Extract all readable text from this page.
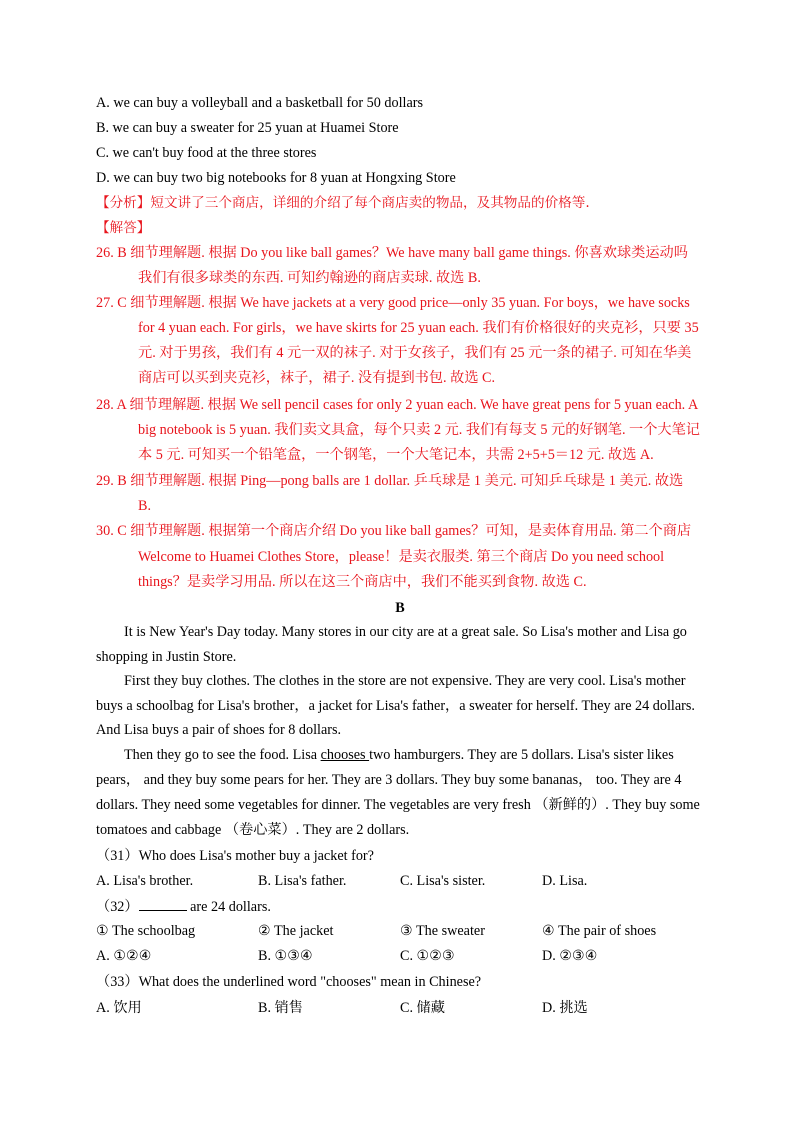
A. we can buy a volleyball and a basketball for 50 dollars
B. we can buy a sweater for 25 yuan at Huamei Store
C. we can't buy food at the three stores
D. we can buy two big notebooks for 8 yuan at Hongxing Store
【分析】短文讲了三个商店，详细的介绍了每个商店卖的物品，及其物品的价格等.
【解答】
26. B 细节理解题. 根据 Do you like ball games？We have many ball game things. 你喜欢球类运动吗
我们有很多球类的东西. 可知约翰逊的商店卖球. 故选 B.
27. C 细节理解题. 根据 We have jackets at a very good price—only 35 yuan. For boys，we have socks
for 4 yuan each. For girls，we have skirts for 25 yuan each. 我们有价格很好的夹克衫，只要 35
元. 对于男孩，我们有 4 元一双的袜子. 对于女孩子，我们有 25 元一条的裙子. 可知在华美
商店可以买到夹克衫，袜子，裙子. 没有提到书包. 故选 C.
28. A 细节理解题. 根据 We sell pencil cases for only 2 yuan each. We have great pens for 5 yuan each. A
big notebook is 5 yuan. 我们卖文具盒，每个只卖 2 元. 我们有每支 5 元的好钢笔. 一个大笔记
本 5 元. 可知买一个铅笔盒，一个钢笔，一个大笔记本，共需 2+5+5＝12 元. 故选 A.
29. B 细节理解题. 根据 Ping—pong balls are 1 dollar. 乒乓球是 1 美元. 可知乒乓球是 1 美元. 故选
B.
30. C 细节理解题. 根据第一个商店介绍 Do you like ball games？可知，是卖体育用品. 第二个商店
Welcome to Huamei Clothes Store，please！是卖衣服类. 第三个商店 Do you need school
things？是卖学习用品. 所以在这三个商店中，我们不能买到食物. 故选 C.
B
It is New Year's Day today. Many stores in our city are at a great sale. So Lisa's mother and Lisa go
shopping in Justin Store.
First they buy clothes. The clothes in the store are not expensive. They are very cool. Lisa's mother
buys a schoolbag for Lisa's brother，a jacket for Lisa's father，a sweater for herself. They are 24 dollars.
And Lisa buys a pair of shoes for 8 dollars.
Then they go to see the food. Lisa chooses two hamburgers. They are 5 dollars. Lisa's sister likes
pears， and they buy some pears for her. They are 3 dollars. They buy some bananas， too. They are 4
dollars. They need some vegetables for dinner. The vegetables are very fresh （新鲜的）. They buy some
tomatoes and cabbage （卷心菜）. They are 2 dollars.
（31）Who does Lisa's mother buy a jacket for?
A. Lisa's brother.	B. Lisa's father.	C. Lisa's sister.	D. Lisa.
（32）	are 24 dollars.
① The schoolbag	② The jacket	③ The sweater	④ The pair of shoes
A. ①②④	B. ①③④	C. ①②③	D. ②③④
（33）What does the underlined word "chooses" mean in Chinese?
A. 饮用	B. 销售	C. 储藏	D. 挑选
